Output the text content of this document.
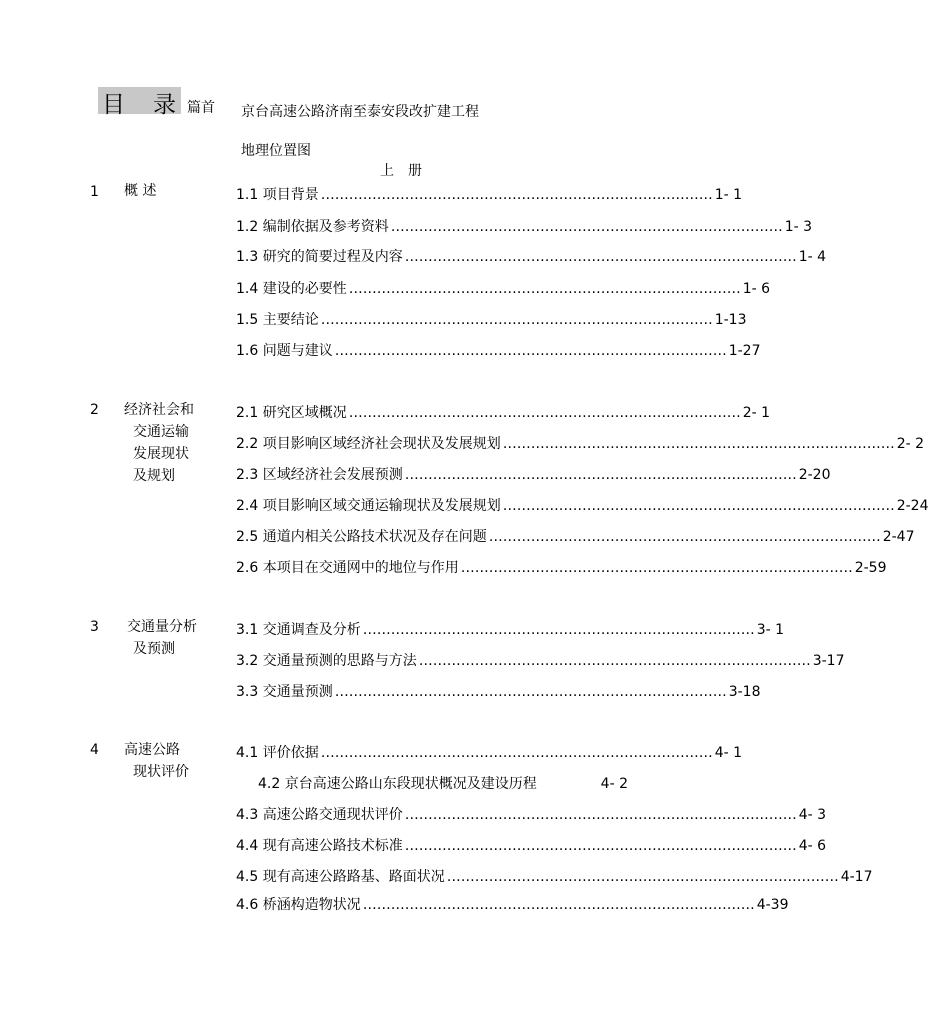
目 录 篇首 京台高速公路济南至泰安段改扩建工程
地理位置图
上　册
1 概 述	1.1 项目背景 ………………………………………………………………………… 1- 1
1.2 编制依据及参考资料 ………………………………………………………………………… 1- 3
1.3 研究的简要过程及内容 ………………………………………………………………………… 1- 4
1.4 建设的必要性 ………………………………………………………………………… 1- 6
1.5 主要结论 ………………………………………………………………………… 1-13
1.6 问题与建议 ………………………………………………………………………… 1-27
2 经济社会和
交通运输
发展现状
及规划
2.1 研究区域概况 ………………………………………………………………………… 2- 1
2.2 项目影响区域经济社会现状及发展规划 ………………………………………………………………………… 2- 2
2.3 区域经济社会发展预测 ………………………………………………………………………… 2-20
2.4 项目影响区域交通运输现状及发展规划 ………………………………………………………………………… 2-24
2.5 通道内相关公路技术状况及存在问题 ………………………………………………………………………… 2-47
2.6 本项目在交通网中的地位与作用 ………………………………………………………………………… 2-59
3 交通量分析
及预测
3.1 交通调查及分析 ………………………………………………………………………… 3- 1
3.2 交通量预测的思路与方法 ………………………………………………………………………… 3-17
3.3 交通量预测 ………………………………………………………………………… 3-18
4 高速公路
现状评价
4.1 评价依据 ………………………………………………………………………… 4- 1
4.2 京台高速公路山东段现状概况及建设历程	4- 2
4.3 高速公路交通现状评价 ………………………………………………………………………… 4- 3
4.4 现有高速公路技术标准 ………………………………………………………………………… 4- 6
4.5 现有高速公路路基、路面状况 ………………………………………………………………………… 4-17
4.6 桥涵构造物状况 ………………………………………………………………………… 4-39
